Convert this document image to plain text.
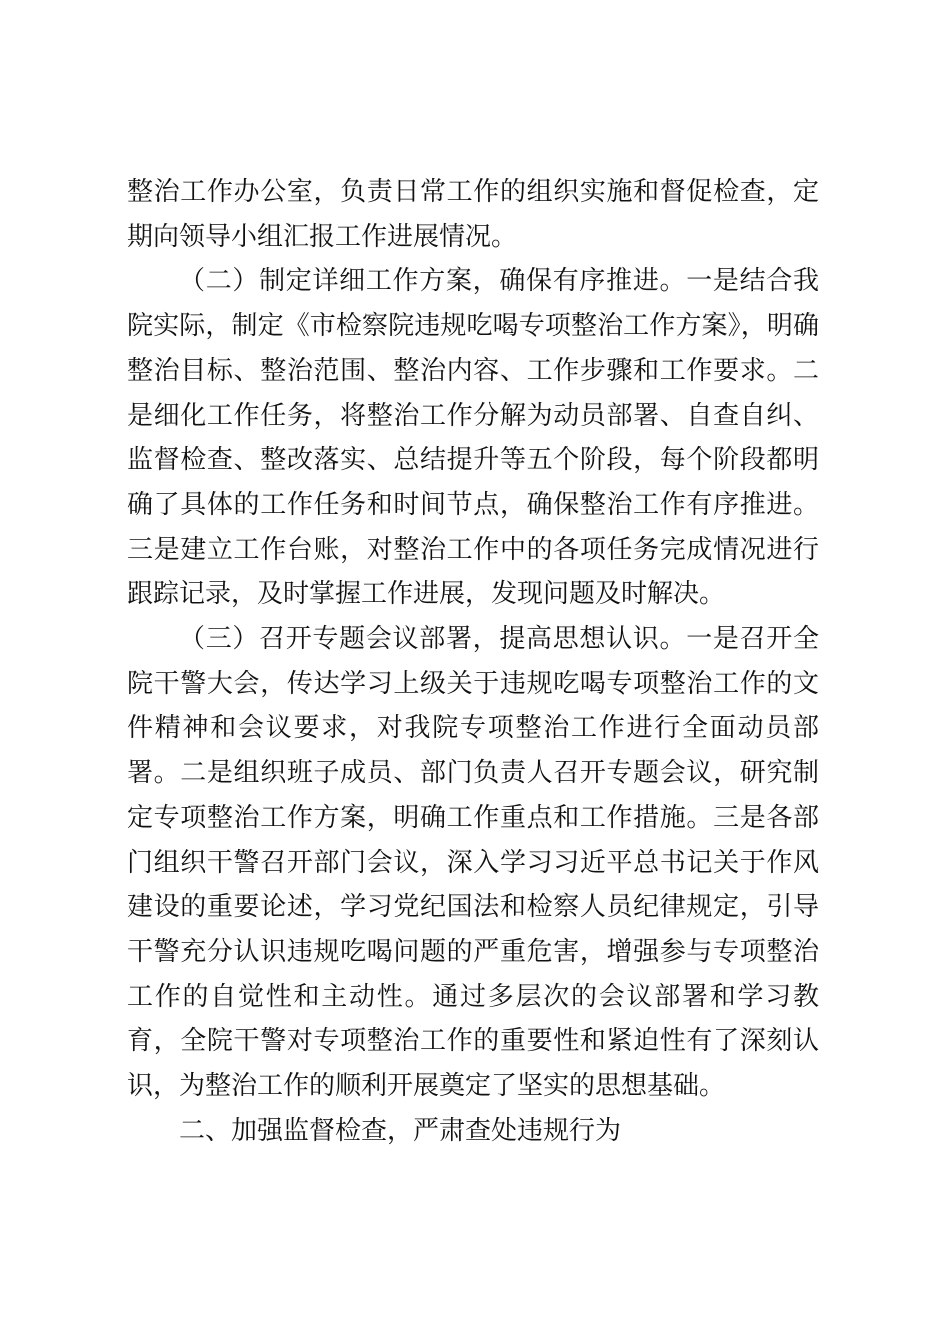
整治工作办公室，负责日常工作的组织实施和督促检查，定期向领导小组汇报工作进展情况。

（二）制定详细工作方案，确保有序推进。一是结合我院实际，制定《市检察院违规吃喝专项整治工作方案》，明确整治目标、整治范围、整治内容、工作步骤和工作要求。二是细化工作任务，将整治工作分解为动员部署、自查自纠、监督检查、整改落实、总结提升等五个阶段，每个阶段都明确了具体的工作任务和时间节点，确保整治工作有序推进。三是建立工作台账，对整治工作中的各项任务完成情况进行跟踪记录，及时掌握工作进展，发现问题及时解决。

（三）召开专题会议部署，提高思想认识。一是召开全院干警大会，传达学习上级关于违规吃喝专项整治工作的文件精神和会议要求，对我院专项整治工作进行全面动员部署。二是组织班子成员、部门负责人召开专题会议，研究制定专项整治工作方案，明确工作重点和工作措施。三是各部门组织干警召开部门会议，深入学习习近平总书记关于作风建设的重要论述，学习党纪国法和检察人员纪律规定，引导干警充分认识违规吃喝问题的严重危害，增强参与专项整治工作的自觉性和主动性。通过多层次的会议部署和学习教育，全院干警对专项整治工作的重要性和紧迫性有了深刻认识，为整治工作的顺利开展奠定了坚实的思想基础。

二、加强监督检查，严肃查处违规行为
